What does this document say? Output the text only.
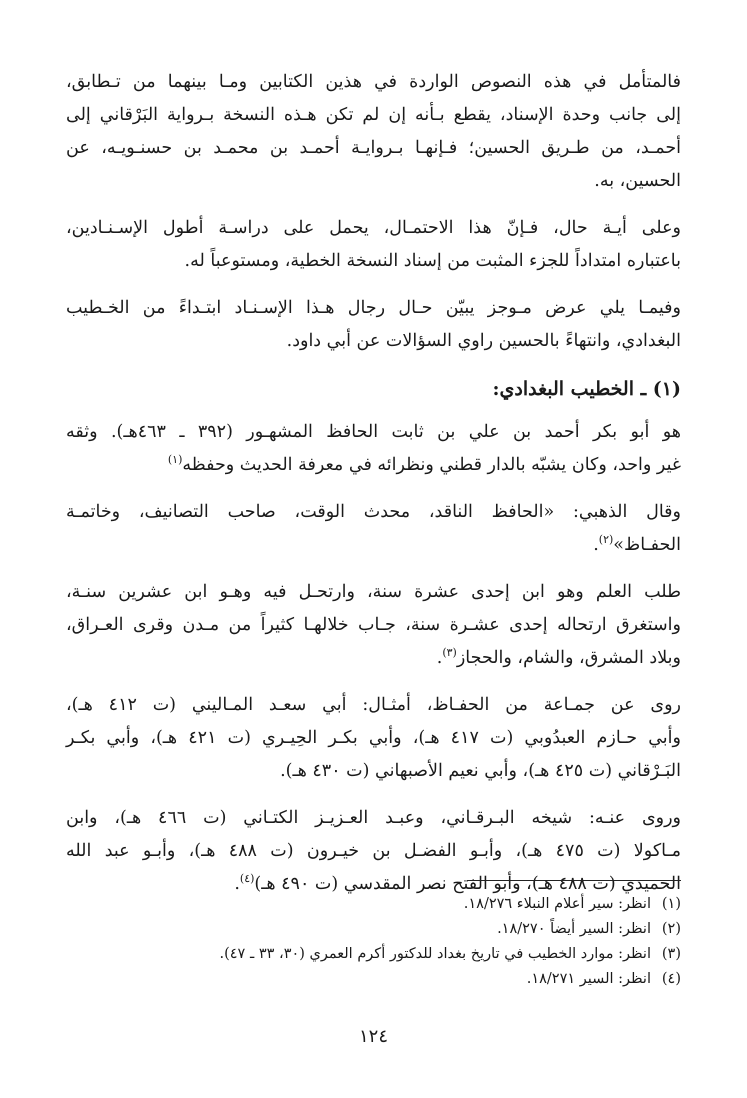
فالمتأمل في هذه النصوص الواردة في هذين الكتابين ومـا بينهما من تـطابق،
إلى جانب وحدة الإسناد، يقطع بـأنه إن لم تكن هـذه النسخة بـرواية البَرْقاني إلى
أحمـد، من طـريق الحسين؛ فـإنهـا بـروايـة أحمـد بن محمـد بن حسنـويـه، عن
الحسين، به.

وعلى أيـة حال، فـإنّ هذا الاحتمـال، يحمل على دراسـة أطول الإسـنـادين،
باعتباره امتداداً للجزء المثبت من إسناد النسخة الخطية، ومستوعباً له.

وفيمـا يلي عرض مـوجز يبيّن حـال رجال هـذا الإسـنـاد ابتـداءً من الخـطيب
البغدادي، وانتهاءً بالحسين راوي السؤالات عن أبي داود.

(١) ـ الخطيب البغدادي:

هو أبو بكر أحمد بن علي بن ثابت الحافظ المشهـور (٣٩٢ ـ ٤٦٣هـ). وثقه
غير واحد، وكان يشبّه بالدار قطني ونظرائه في معرفة الحديث وحفظه$^{(١)}$

وقال الذهبي: «الحافظ الناقد، محدث الوقت، صاحب التصانيف، وخاتمـة
الحفـاظ»$^{(٢)}$.

طلب العلم وهو ابن إحدى عشرة سنة، وارتحـل فيه وهـو ابن عشرين سنـة،
واستغرق ارتحاله إحدى عشـرة سنة، جـاب خلالهـا كثيراً من مـدن وقرى العـراق،
وبلاد المشرق، والشام، والحجاز$^{(٣)}$.

روى عن جمـاعة من الحفـاظ، أمثـال: أبي سعـد المـاليني (ت ٤١٢ هـ)،
وأبي حـازم العبدُوبي (ت ٤١٧ هـ)، وأبي بكـر الحِيـري (ت ٤٢١ هـ)، وأبي بكـر
البَـرْقاني (ت ٤٢٥ هـ)، وأبي نعيم الأصبهاني (ت ٤٣٠ هـ).

وروى عنـه: شيخه البـرقـاني، وعبـد العـزيـز الكتـاني (ت ٤٦٦ هـ)، وابن
مـاكولا (ت ٤٧٥ هـ)، وأبـو الفضـل بن خيـرون (ت ٤٨٨ هـ)، وأبـو عبد الله
الحميدي (ت ٤٨٨ هـ)، وأبو الفتح نصر المقدسي (ت ٤٩٠ هـ)$^{(٤)}$.

(١)انظر: سير أعلام النبلاء ١٨/٢٧٦.
(٢)انظر: السير أيضاً ١٨/٢٧٠.
(٣)انظر: موارد الخطيب في تاريخ بغداد للدكتور أكرم العمري (٣٠، ٣٣ ـ ٤٧).
(٤)انظر: السير ١٨/٢٧١.
١٢٤
